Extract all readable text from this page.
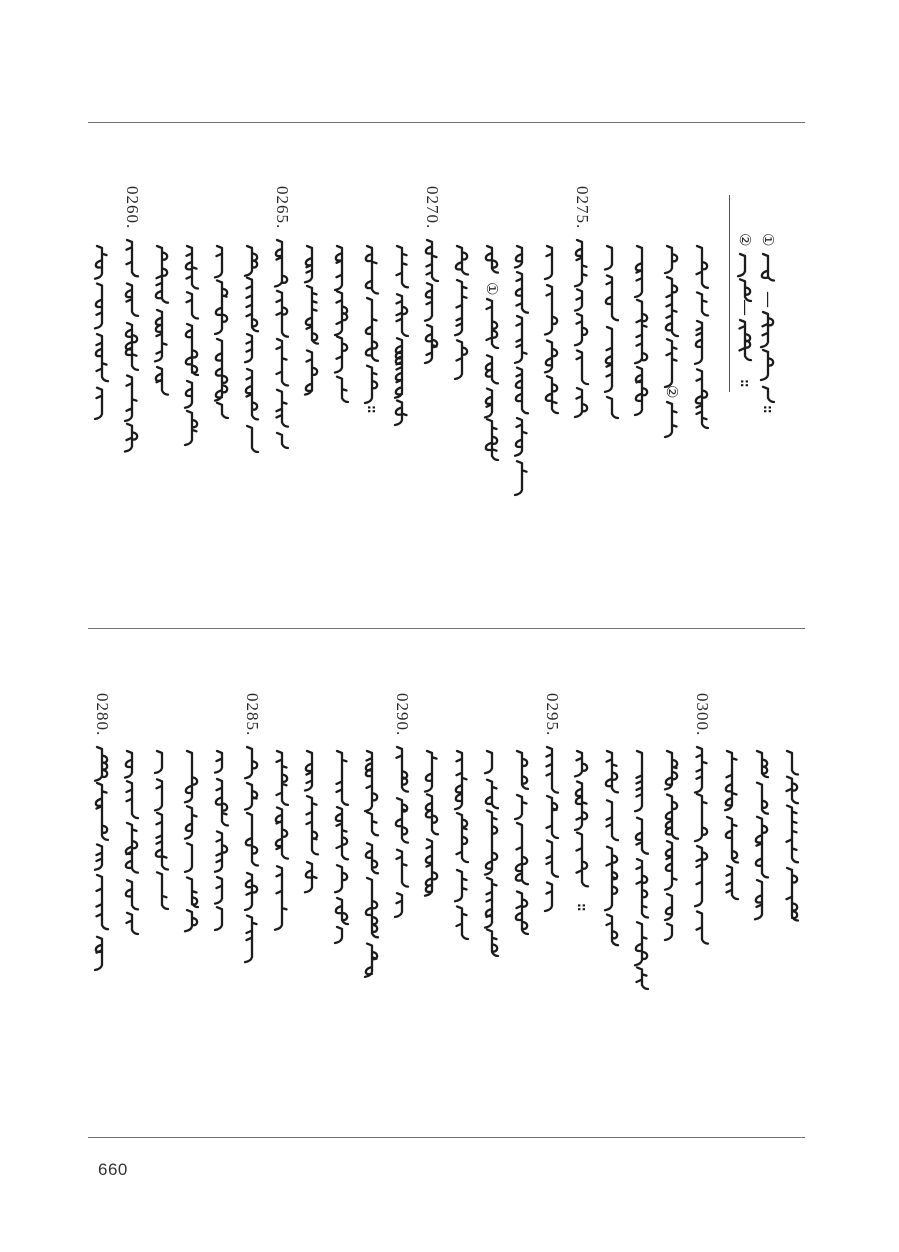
0260.	0265.
::
0270.
①
0275.
②
②
—
::
①
—
::
0280.	0285.	0290.	0295.
::
0300.
660
